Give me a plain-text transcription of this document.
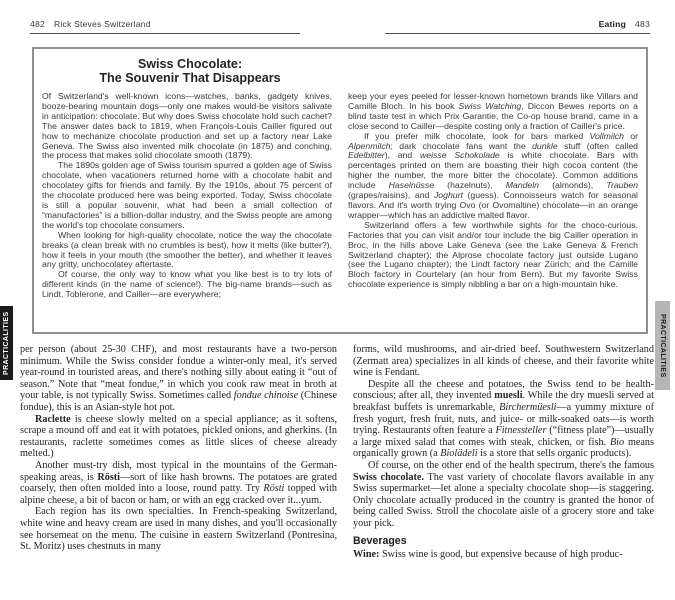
482 Rick Steves Switzerland	Eating 483
Swiss Chocolate:
The Souvenir That Disappears

Of Switzerland's well-known icons—watches, banks, gadgety knives, booze-bearing mountain dogs—only one makes would-be visitors salivate in anticipation: chocolate. But why does Swiss chocolate hold such cachet? The answer dates back to 1819, when François-Louis Cailler figured out how to mechanize chocolate production and set up a factory near Lake Geneva. The Swiss also invented milk chocolate (in 1875) and conching, the process that makes solid chocolate smooth (1879).

The 1890s golden age of Swiss tourism spurred a golden age of Swiss chocolate, when vacationers returned home with a chocolate habit and chocolatey gifts for friends and family. By the 1910s, about 75 percent of the chocolate produced here was being exported. Today, Swiss chocolate is still a popular souvenir, what had been a small collection of “manufactories” is a billion-dollar industry, and the Swiss people are among the world's top chocolate consumers.

When looking for high-quality chocolate, notice the way the chocolate breaks (a clean break with no crumbles is best), how it melts (like butter?), how it feels in your mouth (the smoother the better), and whether it leaves any gritty, unchocolatey aftertaste.

Of course, the only way to know what you like best is to try lots of different kinds (in the name of science!). The big-name brands—such as Lindt, Toblerone, and Cailler—are everywhere;

keep your eyes peeled for lesser-known hometown brands like Villars and Camille Bloch. In his book Swiss Watching, Diccon Bewes reports on a blind taste test in which Prix Garantie, the Co-op house brand, came in a close second to Cailler—despite costing only a fraction of Cailler's price.

If you prefer milk chocolate, look for bars marked Vollmilch or Alpenmilch; dark chocolate fans want the dunkle stuff (often called Edelbitter), and weisse Schokolade is white chocolate. Bars with percentages printed on them are boasting their high cocoa content (the higher the number, the more bitter the chocolate). Common additions include Haselnüsse (hazelnuts), Mandeln (almonds), Trauben (grapes/raisins), and Joghurt (guess). Connoisseurs watch for seasonal flavors. And it's worth trying Ovo (or Ovomaltine) chocolate—in an orange wrapper—which has an addictive malted flavor.

Switzerland offers a few worthwhile sights for the choco-curious. Factories that you can visit and/or tour include the big Cailler operation in Broc, in the hills above Lake Geneva (see the Lake Geneva & French Switzerland chapter); the Alprose chocolate factory just outside Lugano (see the Lugano chapter); the Lindt factory near Zürich; and the Camille Bloch factory in Courtelary (an hour from Bern). But my favorite Swiss chocolate experience is simply nibbling a bar on a high-mountain hike.

per person (about 25-30 CHF), and most restaurants have a two-person minimum. While the Swiss consider fondue a winter-only meal, it's served year-round in touristed areas, and there's nothing silly about eating it “out of season.” Note that “meat fondue,” in which you cook raw meat in broth at your table, is not typically Swiss. Sometimes called fondue chinoise (Chinese fondue), this is an Asian-style hot pot.

Raclette is cheese slowly melted on a special appliance; as it softens, scrape a mound off and eat it with potatoes, pickled onions, and gherkins. (In restaurants, raclette sometimes comes as little slices of cheese already melted.)

Another must-try dish, most typical in the mountains of the German-speaking areas, is Rösti—sort of like hash browns. The potatoes are grated coarsely, then often molded into a loose, round patty. Try Rösti topped with alpine cheese, a bit of bacon or ham, or with an egg cracked over it...yum.

Each region has its own specialties. In French-speaking Switzerland, white wine and heavy cream are used in many dishes, and you'll occasionally see horsemeat on the menu. The cuisine in eastern Switzerland (Pontresina, St. Moritz) uses chestnuts in many

forms, wild mushrooms, and air-dried beef. Southwestern Switzerland (Zermatt area) specializes in all kinds of cheese, and their favorite white wine is Fendant.

Despite all the cheese and potatoes, the Swiss tend to be health-conscious; after all, they invented muesli. While the dry muesli served at breakfast buffets is unremarkable, Birchermüesli—a yummy mixture of fresh yogurt, fresh fruit, nuts, and juice- or milk-soaked oats—is worth trying. Restaurants often feature a Fitnessteller (“fitness plate”)—usually a large mixed salad that comes with steak, chicken, or fish. Bio means organically grown (a Biolädeli is a store that sells organic products).

Of course, on the other end of the health spectrum, there's the famous Swiss chocolate. The vast variety of chocolate flavors available in any Swiss supermarket—let alone a specialty chocolate shop—is staggering. Only chocolate actually produced in the country is granted the honor of being called Swiss. Stroll the chocolate aisle of a grocery store and take your pick.

Beverages

Wine: Swiss wine is good, but expensive because of high produc-

PRACTICALITIES	PRACTICALITIES
